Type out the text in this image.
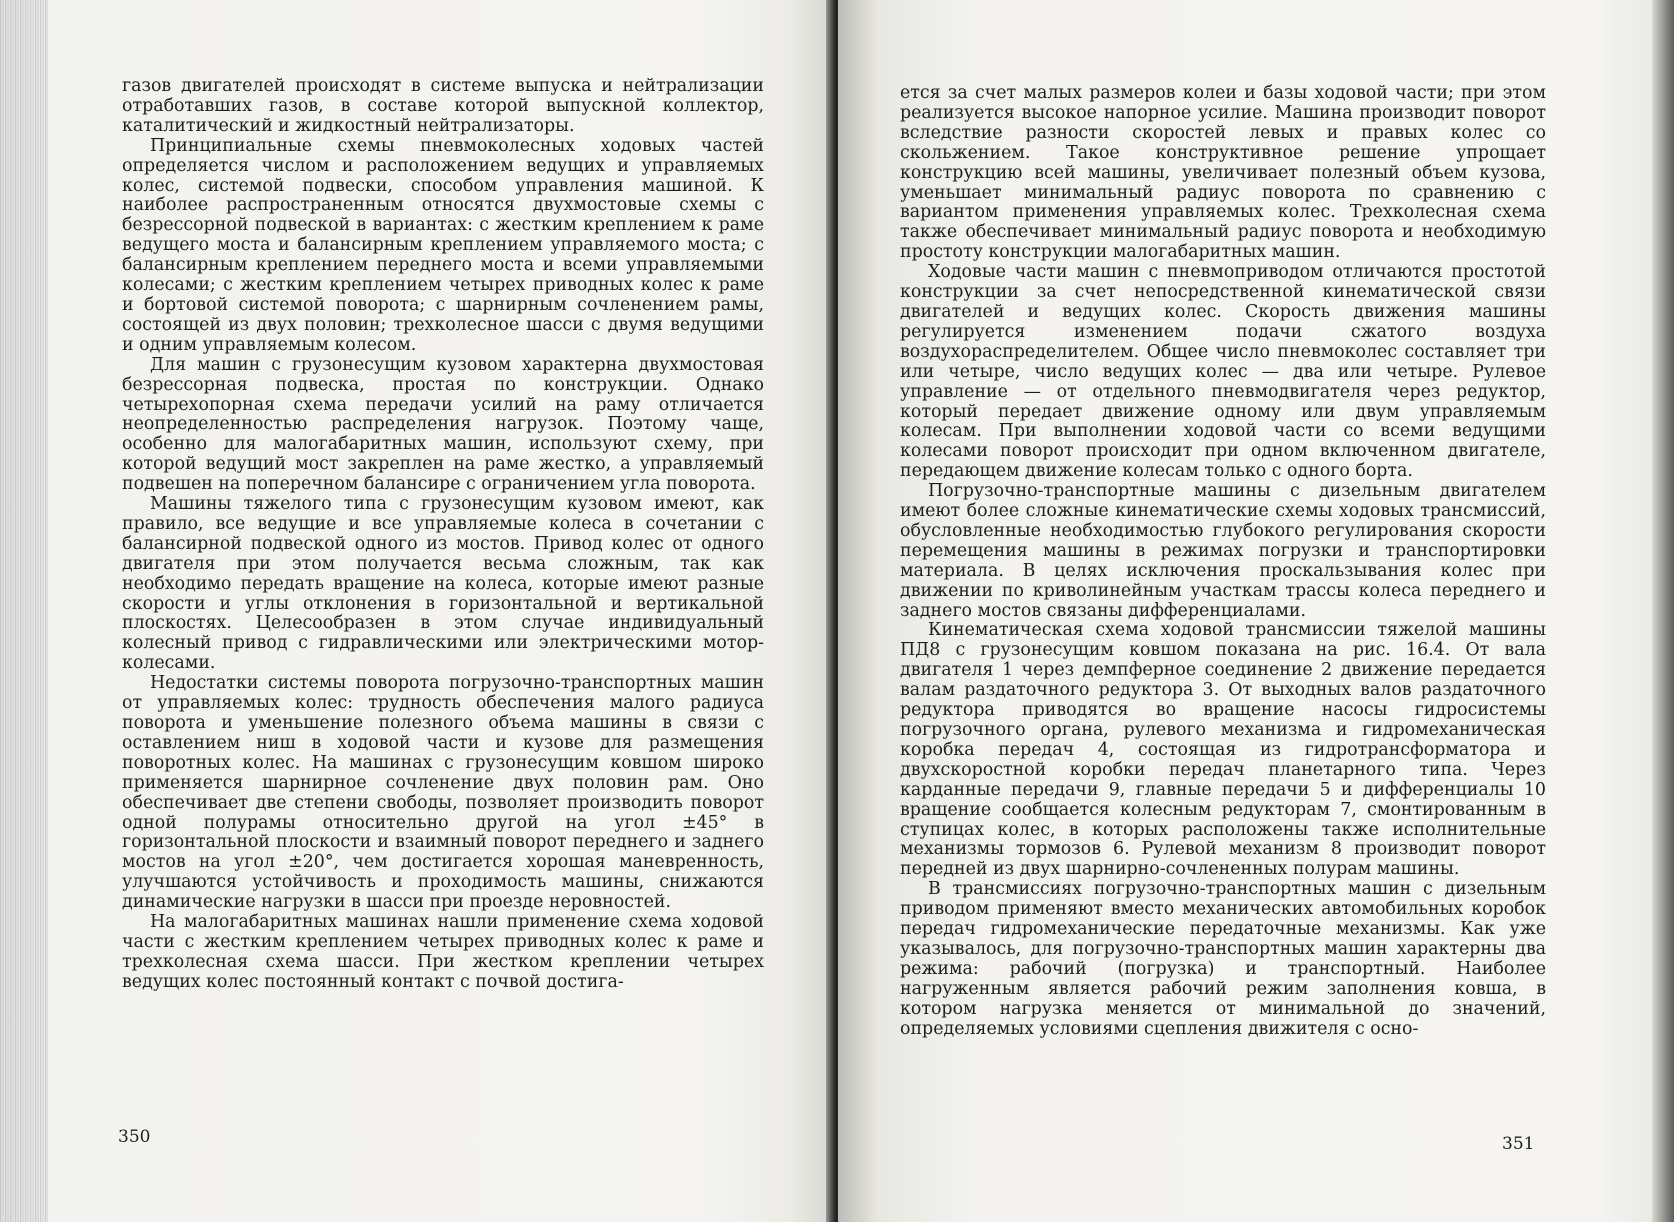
газов двигателей происходят в системе выпуска и нейтрализации отработавших газов, в составе которой выпускной коллектор, каталитический и жидкостный нейтрализаторы.

Принципиальные схемы пневмоколесных ходовых частей определяется числом и расположением ведущих и управляемых колес, системой подвески, способом управления машиной. К наиболее распространенным относятся двухмостовые схемы с безрессорной подвеской в вариантах: с жестким креплением к раме ведущего моста и балансирным креплением управляемого моста; с балансирным креплением переднего моста и всеми управляемыми колесами; с жестким креплением четырех приводных колес к раме и бортовой системой поворота; с шарнирным сочленением рамы, состоящей из двух половин; трехколесное шасси с двумя ведущими и одним управляемым колесом.

Для машин с грузонесущим кузовом характерна двухмостовая безрессорная подвеска, простая по конструкции. Однако четырехопорная схема передачи усилий на раму отличается неопределенностью распределения нагрузок. Поэтому чаще, особенно для малогабаритных машин, используют схему, при которой ведущий мост закреплен на раме жестко, а управляемый подвешен на поперечном балансире с ограничением угла поворота.

Машины тяжелого типа с грузонесущим кузовом имеют, как правило, все ведущие и все управляемые колеса в сочетании с балансирной подвеской одного из мостов. Привод колес от одного двигателя при этом получается весьма сложным, так как необходимо передать вращение на колеса, которые имеют разные скорости и углы отклонения в горизонтальной и вертикальной плоскостях. Целесообразен в этом случае индивидуальный колесный привод с гидравлическими или электрическими мотор-колесами.

Недостатки системы поворота погрузочно-транспортных машин от управляемых колес: трудность обеспечения малого радиуса поворота и уменьшение полезного объема машины в связи с оставлением ниш в ходовой части и кузове для размещения поворотных колес. На машинах с грузонесущим ковшом широко применяется шарнирное сочленение двух половин рам. Оно обеспечивает две степени свободы, позволяет производить поворот одной полурамы относительно другой на угол ±45° в горизонтальной плоскости и взаимный поворот переднего и заднего мостов на угол ±20°, чем достигается хорошая маневренность, улучшаются устойчивость и проходимость машины, снижаются динамические нагрузки в шасси при проезде неровностей.

На малогабаритных машинах нашли применение схема ходовой части с жестким креплением четырех приводных колес к раме и трехколесная схема шасси. При жестком креплении четырех ведущих колес постоянный контакт с почвой достига-

350

ется за счет малых размеров колеи и базы ходовой части; при этом реализуется высокое напорное усилие. Машина производит поворот вследствие разности скоростей левых и правых колес со скольжением. Такое конструктивное решение упрощает конструкцию всей машины, увеличивает полезный объем кузова, уменьшает минимальный радиус поворота по сравнению с вариантом применения управляемых колес. Трехколесная схема также обеспечивает минимальный радиус поворота и необходимую простоту конструкции малогабаритных машин.

Ходовые части машин с пневмоприводом отличаются простотой конструкции за счет непосредственной кинематической связи двигателей и ведущих колес. Скорость движения машины регулируется изменением подачи сжатого воздуха воздухораспределителем. Общее число пневмоколес составляет три или четыре, число ведущих колес — два или четыре. Рулевое управление — от отдельного пневмодвигателя через редуктор, который передает движение одному или двум управляемым колесам. При выполнении ходовой части со всеми ведущими колесами поворот происходит при одном включенном двигателе, передающем движение колесам только с одного борта.

Погрузочно-транспортные машины с дизельным двигателем имеют более сложные кинематические схемы ходовых трансмиссий, обусловленные необходимостью глубокого регулирования скорости перемещения машины в режимах погрузки и транспортировки материала. В целях исключения проскальзывания колес при движении по криволинейным участкам трассы колеса переднего и заднего мостов связаны дифференциалами.

Кинематическая схема ходовой трансмиссии тяжелой машины ПД8 с грузонесущим ковшом показана на рис. 16.4. От вала двигателя 1 через демпферное соединение 2 движение передается валам раздаточного редуктора 3. От выходных валов раздаточного редуктора приводятся во вращение насосы гидросистемы погрузочного органа, рулевого механизма и гидромеханическая коробка передач 4, состоящая из гидротрансформатора и двухскоростной коробки передач планетарного типа. Через карданные передачи 9, главные передачи 5 и дифференциалы 10 вращение сообщается колесным редукторам 7, смонтированным в ступицах колес, в которых расположены также исполнительные механизмы тормозов 6. Рулевой механизм 8 производит поворот передней из двух шарнирно-сочлененных полурам машины.

В трансмиссиях погрузочно-транспортных машин с дизельным приводом применяют вместо механических автомобильных коробок передач гидромеханические передаточные механизмы. Как уже указывалось, для погрузочно-транспортных машин характерны два режима: рабочий (погрузка) и транспортный. Наиболее нагруженным является рабочий режим заполнения ковша, в котором нагрузка меняется от минимальной до значений, определяемых условиями сцепления движителя с осно-

351
